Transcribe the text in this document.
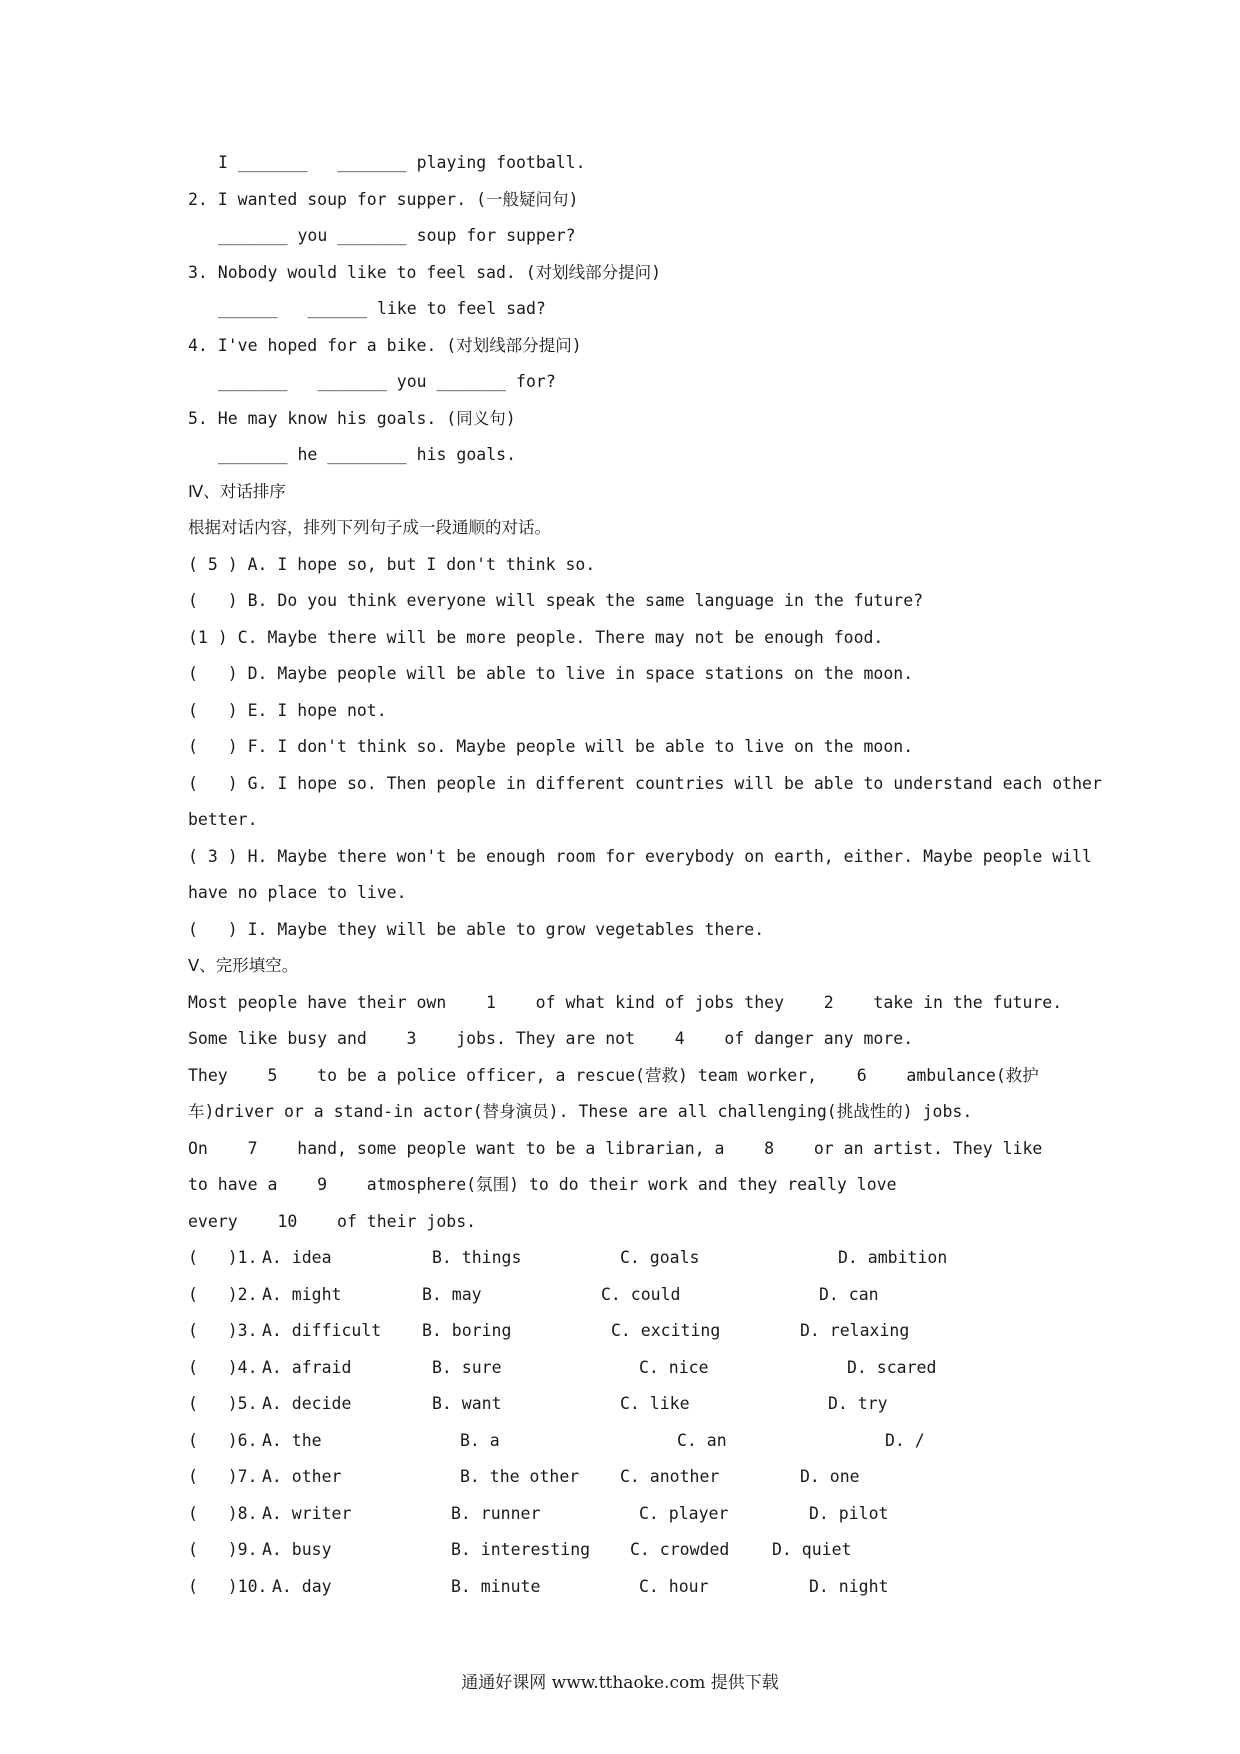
I _______   _______ playing football.
2. I wanted soup for supper. (一般疑问句)
_______ you _______ soup for supper?
3. Nobody would like to feel sad. (对划线部分提问)
______   ______ like to feel sad?
4. I've hoped for a bike. (对划线部分提问)
_______   _______ you _______ for?
5. He may know his goals. (同义句)
_______ he ________ his goals.
Ⅳ、对话排序
根据对话内容，排列下列句子成一段通顺的对话。
( 5 ) A. I hope so, but I don't think so.
(   ) B. Do you think everyone will speak the same language in the future?
(1 ) C. Maybe there will be more people. There may not be enough food.
(   ) D. Maybe people will be able to live in space stations on the moon.
(   ) E. I hope not.
(   ) F. I don't think so. Maybe people will be able to live on the moon.
(   ) G. I hope so. Then people in different countries will be able to understand each other
better.
( 3 ) H. Maybe there won't be enough room for everybody on earth, either. Maybe people will
have no place to live.
(   ) I. Maybe they will be able to grow vegetables there.
Ⅴ、完形填空。
Most people have their own    1    of what kind of jobs they    2    take in the future.
Some like busy and    3    jobs. They are not    4    of danger any more.
They    5    to be a police officer, a rescue(营救) team worker,    6    ambulance(救护
车)driver or a stand-in actor(替身演员). These are all challenging(挑战性的) jobs.
On    7    hand, some people want to be a librarian, a    8    or an artist. They like
to have a    9    atmosphere(氛围) to do their work and they really love
every    10    of their jobs.
(   )1. A. idea	B. things	C. goals	D. ambition
(   )2. A. might	B. may	C. could	D. can
(   )3. A. difficult B. boring	C. exciting	D. relaxing
(   )4. A. afraid	B. sure	C. nice	D. scared
(   )5. A. decide	B. want	C. like	D. try
(   )6. A. the	B. a	C. an	D. /
(   )7. A. other	B. the other C. another	D. one
(   )8. A. writer	B. runner	C. player	D. pilot
(   )9. A. busy	B. interesting C. crowded	D. quiet
(   )10. A. day	B. minute	C. hour	D. night
通通好课网 www.tthaoke.com 提供下载
